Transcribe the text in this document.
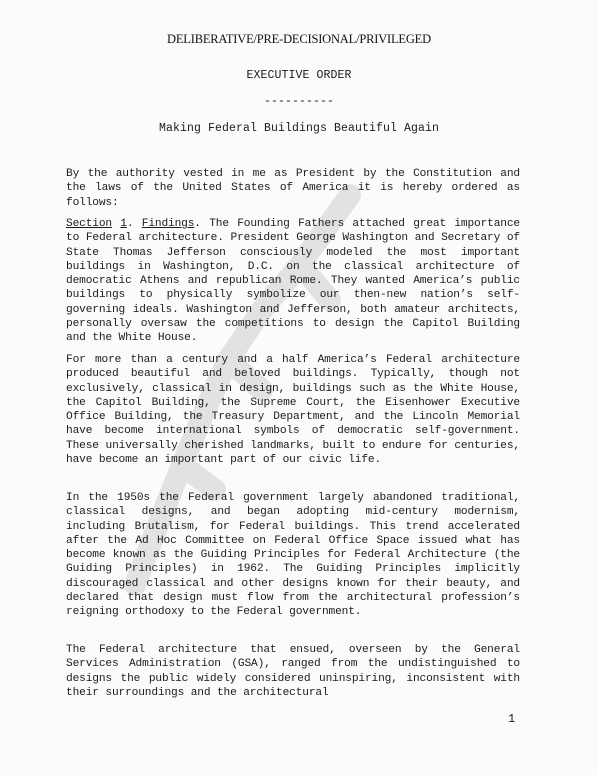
DELIBERATIVE/PRE-DECISIONAL/PRIVILEGED
EXECUTIVE ORDER
----------
Making Federal Buildings Beautiful Again

By the authority vested in me as President by the Constitution and the laws of the United States of America it is hereby ordered as follows:

Section 1. Findings. The Founding Fathers attached great importance to Federal architecture. President George Washington and Secretary of State Thomas Jefferson consciously modeled the most important buildings in Washington, D.C. on the classical architecture of democratic Athens and republican Rome. They wanted America’s public buildings to physically symbolize our then-new nation’s self-governing ideals. Washington and Jefferson, both amateur architects, personally oversaw the competitions to design the Capitol Building and the White House.

For more than a century and a half America’s Federal architecture produced beautiful and beloved buildings. Typically, though not exclusively, classical in design, buildings such as the White House, the Capitol Building, the Supreme Court, the Eisenhower Executive Office Building, the Treasury Department, and the Lincoln Memorial have become international symbols of democratic self-government. These universally cherished landmarks, built to endure for centuries, have become an important part of our civic life.

In the 1950s the Federal government largely abandoned traditional, classical designs, and began adopting mid-century modernism, including Brutalism, for Federal buildings. This trend accelerated after the Ad Hoc Committee on Federal Office Space issued what has become known as the Guiding Principles for Federal Architecture (the Guiding Principles) in 1962. The Guiding Principles implicitly discouraged classical and other designs known for their beauty, and declared that design must flow from the architectural profession’s reigning orthodoxy to the Federal government.

The Federal architecture that ensued, overseen by the General Services Administration (GSA), ranged from the undistinguished to designs the public widely considered uninspiring, inconsistent with their surroundings and the architectural

1
